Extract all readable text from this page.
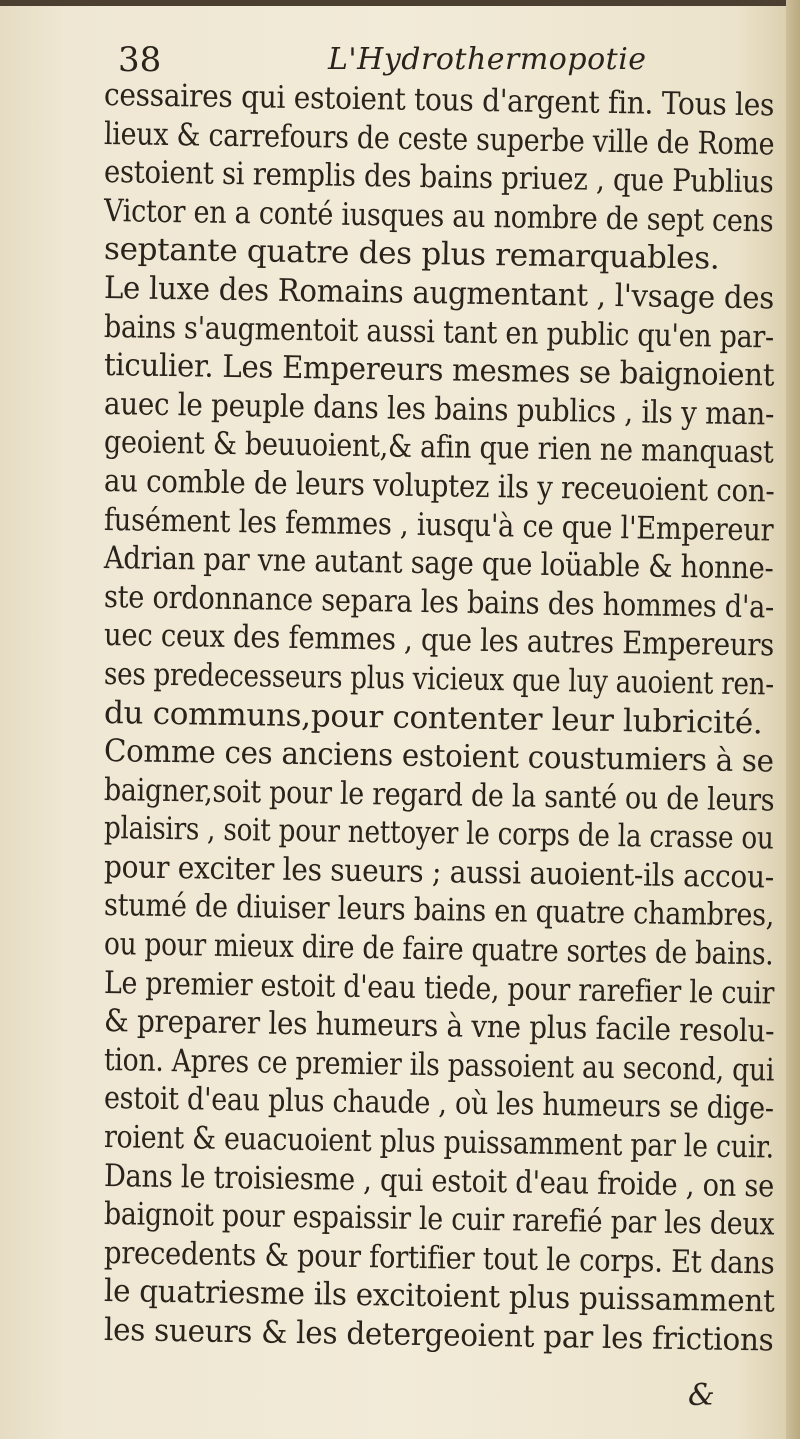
38	L'Hydrothermopotie
cessaires qui estoient tous d'argent fin. Tous les
lieux & carrefours de ceste superbe ville de Rome
estoient si remplis des bains priuez , que Publius
Victor en a conté iusques au nombre de sept cens
septante quatre des plus remarquables.
Le luxe des Romains augmentant , l'vsage des
bains s'augmentoit aussi tant en public qu'en par-
ticulier. Les Empereurs mesmes se baignoient
auec le peuple dans les bains publics , ils y man-
geoient & beuuoient,& afin que rien ne manquast
au comble de leurs voluptez ils y receuoient con-
fusément les femmes , iusqu'à ce que l'Empereur
Adrian par vne autant sage que loüable & honne-
ste ordonnance separa les bains des hommes d'a-
uec ceux des femmes , que les autres Empereurs
ses predecesseurs plus vicieux que luy auoient ren-
du communs,pour contenter leur lubricité.
Comme ces anciens estoient coustumiers à se
baigner,soit pour le regard de la santé ou de leurs
plaisirs , soit pour nettoyer le corps de la crasse ou
pour exciter les sueurs ; aussi auoient-ils accou-
stumé de diuiser leurs bains en quatre chambres,
ou pour mieux dire de faire quatre sortes de bains.
Le premier estoit d'eau tiede, pour rarefier le cuir
& preparer les humeurs à vne plus facile resolu-
tion. Apres ce premier ils passoient au second, qui
estoit d'eau plus chaude , où les humeurs se dige-
roient & euacuoient plus puissamment par le cuir.
Dans le troisiesme , qui estoit d'eau froide , on se
baignoit pour espaissir le cuir rarefié par les deux
precedents & pour fortifier tout le corps. Et dans
le quatriesme ils excitoient plus puissamment
les sueurs & les detergeoient par les frictions
&
